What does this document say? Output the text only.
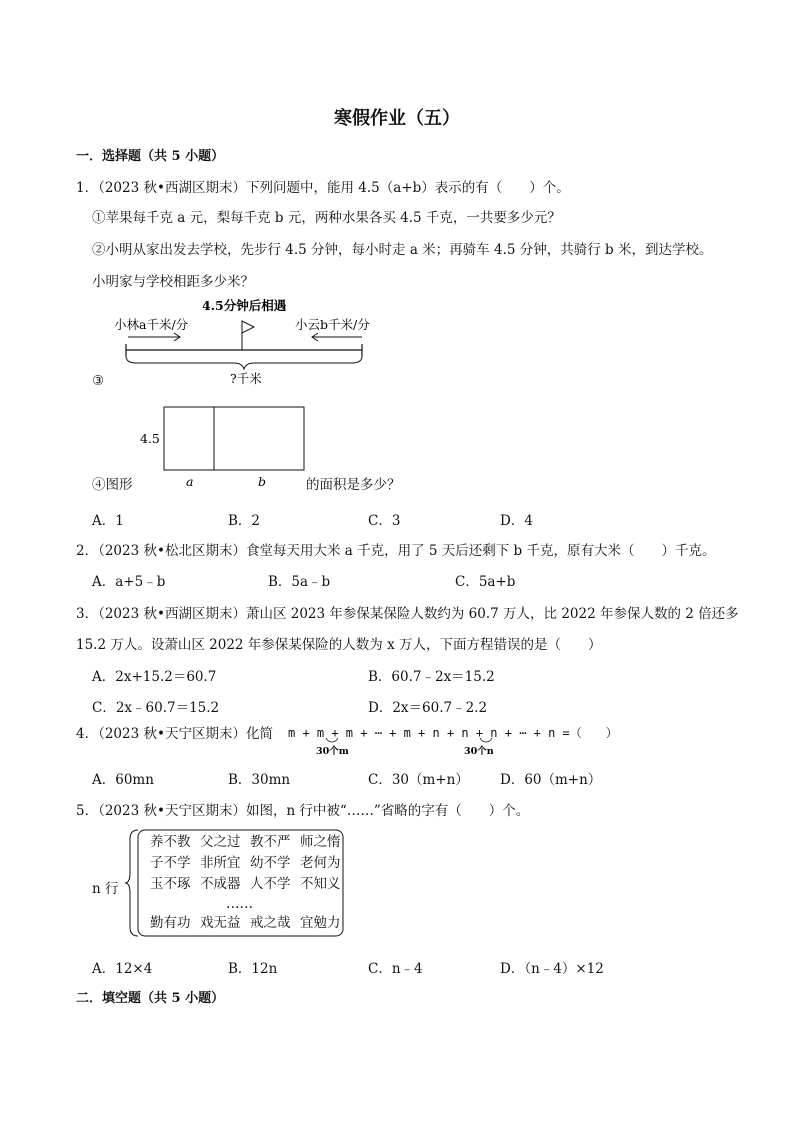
寒假作业（五）
一．选择题（共 5 小题）
1．（2023 秋•西湖区期末）下列问题中，能用 4.5（a+b）表示的有（　　）个。
①苹果每千克 a 元，梨每千克 b 元，两种水果各买 4.5 千克，一共要多少元？
②小明从家出发去学校，先步行 4.5 分钟，每小时走 a 米；再骑车 4.5 分钟，共骑行 b 米，到达学校。
小明家与学校相距多少米？
4.5分钟后相遇
小林a千米/分	小云b千米/分
?千米
③
4.5
a	b
④图形	的面积是多少？
A．1	B．2	C．3	D．4
2．（2023 秋•松北区期末）食堂每天用大米 a 千克，用了 5 天后还剩下 b 千克，原有大米（　　）千克。
A．a+5﹣b	B．5a﹣b	C．5a+b
3．（2023 秋•西湖区期末）萧山区 2023 年参保某保险人数约为 60.7 万人，比 2022 年参保人数的 2 倍还多
15.2 万人。设萧山区 2022 年参保某保险的人数为 x 万人，下面方程错误的是（　　）
A．2x+15.2＝60.7	B．60.7﹣2x＝15.2
C．2x﹣60.7＝15.2	D．2x＝60.7﹣2.2
4．（2023 秋•天宁区期末）化简 m + m + m + ⋯ + m + n + n + n + ⋯ + n =（　　）
30个m	30个n
A．60mn	B．30mn	C．30（m+n） D．60（m+n）
5．（2023 秋•天宁区期末）如图，n 行中被“……”省略的字有（　　）个。
n 行
养不教 父之过 教不严 师之惰
子不学 非所宜 幼不学 老何为
玉不琢 不成器 人不学 不知义
……
勤有功 戏无益 戒之哉 宜勉力
A．12×4	B．12n	C．n﹣4	D．（n﹣4）×12
二．填空题（共 5 小题）
